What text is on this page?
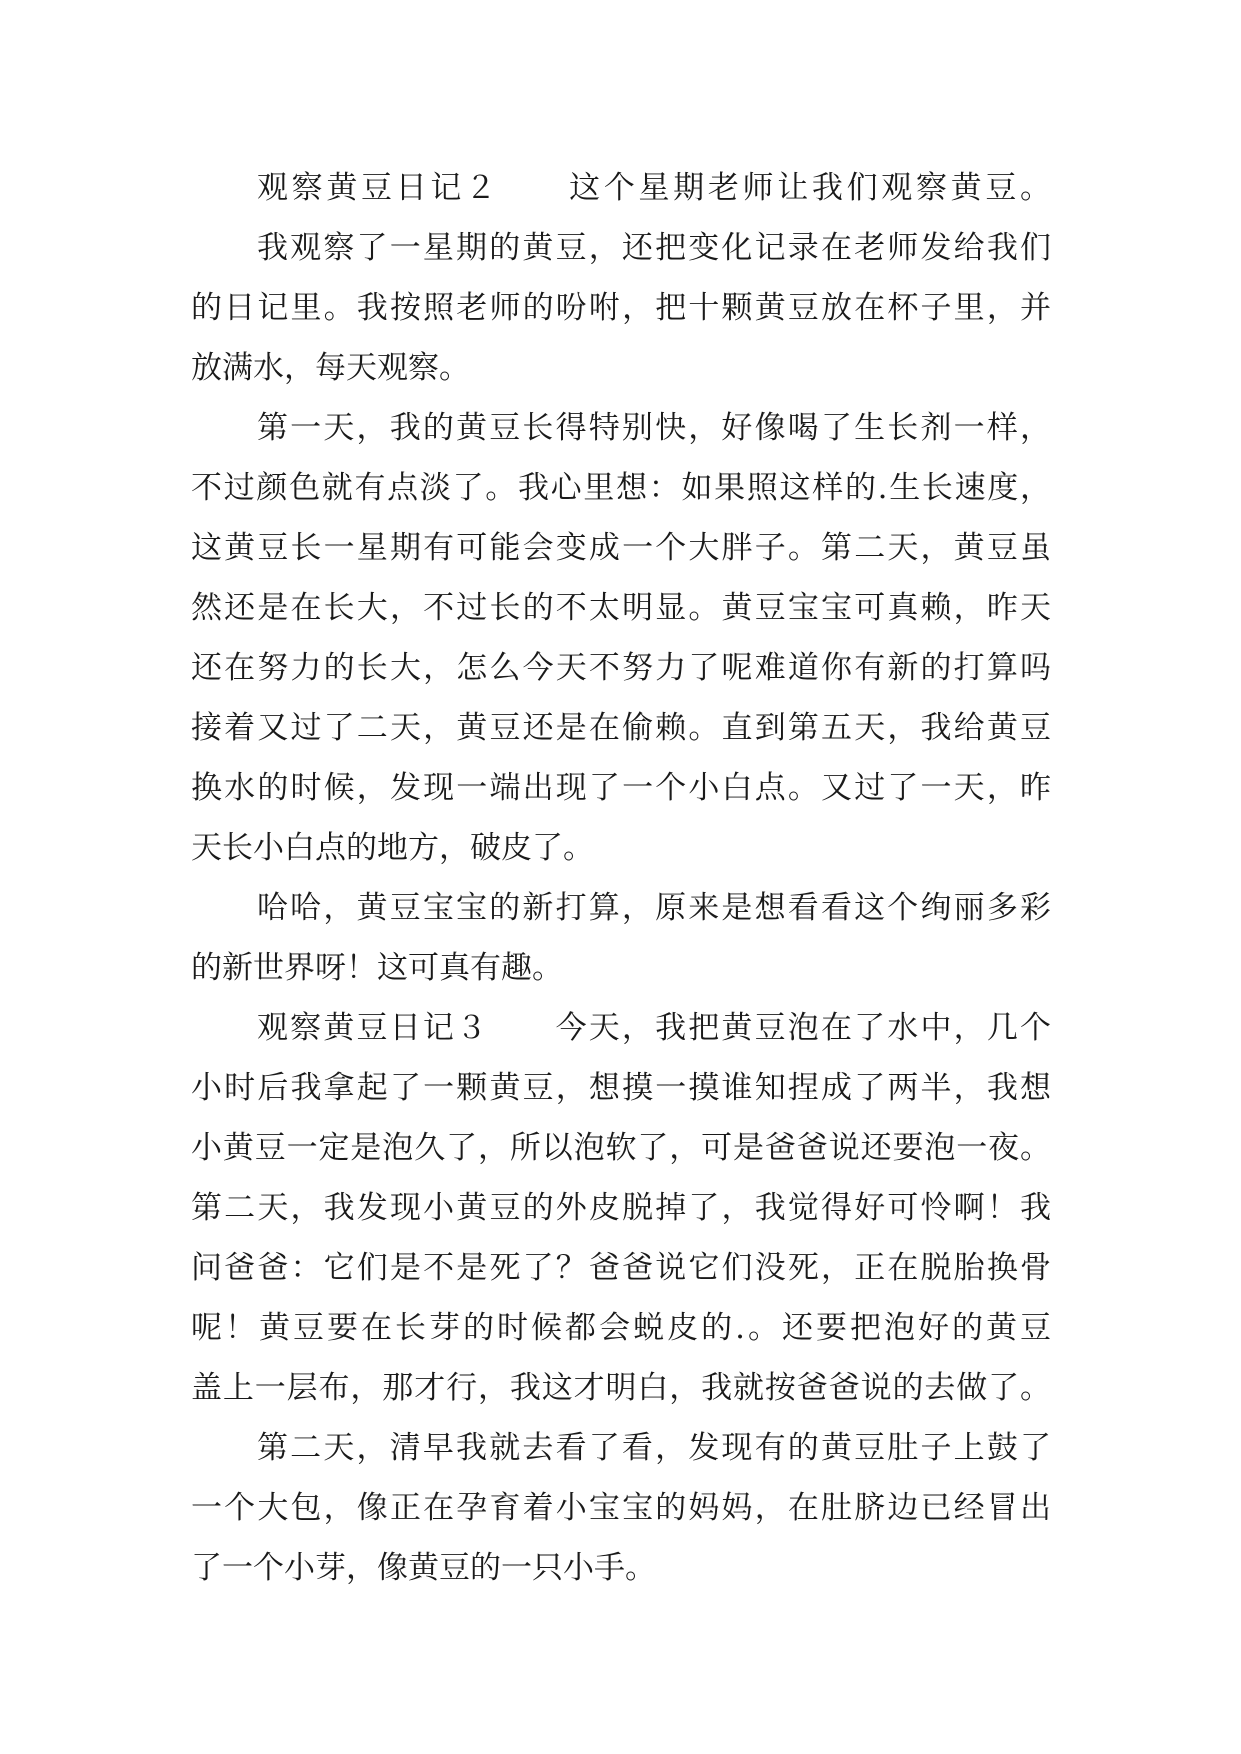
观察黄豆日记２　　这个星期老师让我们观察黄豆。
我观察了一星期的黄豆，还把变化记录在老师发给我们
的日记里。我按照老师的吩咐，把十颗黄豆放在杯子里，并
放满水，每天观察。
第一天，我的黄豆长得特别快，好像喝了生长剂一样，
不过颜色就有点淡了。我心里想：如果照这样的.生长速度，
这黄豆长一星期有可能会变成一个大胖子。第二天，黄豆虽
然还是在长大，不过长的不太明显。黄豆宝宝可真赖，昨天
还在努力的长大，怎么今天不努力了呢难道你有新的打算吗
接着又过了二天，黄豆还是在偷赖。直到第五天，我给黄豆
换水的时候，发现一端出现了一个小白点。又过了一天，昨
天长小白点的地方，破皮了。
哈哈，黄豆宝宝的新打算，原来是想看看这个绚丽多彩
的新世界呀！这可真有趣。
观察黄豆日记３　　今天，我把黄豆泡在了水中，几个
小时后我拿起了一颗黄豆，想摸一摸谁知捏成了两半，我想
小黄豆一定是泡久了，所以泡软了，可是爸爸说还要泡一夜。
第二天，我发现小黄豆的外皮脱掉了，我觉得好可怜啊！我
问爸爸：它们是不是死了？爸爸说它们没死，正在脱胎换骨
呢！黄豆要在长芽的时候都会蜕皮的.。还要把泡好的黄豆
盖上一层布，那才行，我这才明白，我就按爸爸说的去做了。
第二天，清早我就去看了看，发现有的黄豆肚子上鼓了
一个大包，像正在孕育着小宝宝的妈妈，在肚脐边已经冒出
了一个小芽，像黄豆的一只小手。
